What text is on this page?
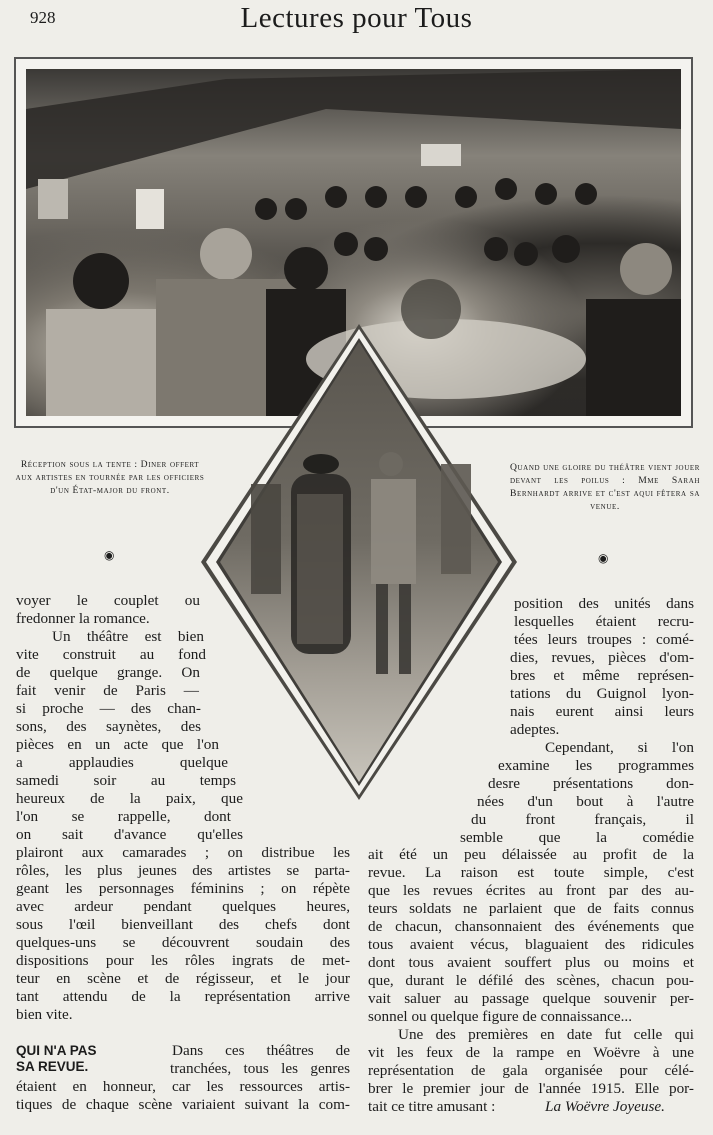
928	Lectures pour Tous
Réception sous la tente : Diner offert aux artistes en tournée par les officiers d'un État-major du front.
◉
Quand une gloire du théâtre vient jouer devant les poilus : Mme Sarah Bernhardt arrive et c'est aqui fêtera sa venue.
◉
voyer le couplet ou
fredonner la romance.
Un théâtre est bien
vite construit au fond
de quelque grange. On
fait venir de Paris —
si proche — des chan-
sons, des saynètes, des
pièces en un acte que l'on
a applaudies quelque
samedi soir au temps
heureux de la paix, que
l'on se rappelle, dont
on sait d'avance qu'elles
position des unités dans
lesquelles étaient recru-
tées leurs troupes : comé-
dies, revues, pièces d'om-
bres et même représen-
tations du Guignol lyon-
nais eurent ainsi leurs
adeptes.
Cependant, si l'on
examine les programmes
desre présentations don-
nées d'un bout à l'autre
du front français, il
semble que la comédie
plairont aux camarades ; on distribue les
rôles, les plus jeunes des artistes se parta-
geant les personnages féminins ; on répète
avec ardeur pendant quelques heures,
sous l'œil bienveillant des chefs dont
quelques-uns se découvrent soudain des
dispositions pour les rôles ingrats de met-
teur en scène et de régisseur, et le jour
tant attendu de la représentation arrive
bien vite.
QUI N'A PAS
SA REVUE.
Dans ces théâtres de
tranchées, tous les genres
étaient en honneur, car les ressources artis-
tiques de chaque scène variaient suivant la com-
ait été un peu délaissée au profit de la
revue. La raison est toute simple, c'est
que les revues écrites au front par des au-
teurs soldats ne parlaient que de faits connus
de chacun, chansonnaient des événements que
tous avaient vécus, blaguaient des ridicules
dont tous avaient souffert plus ou moins et
que, durant le défilé des scènes, chacun pou-
vait saluer au passage quelque souvenir per-
sonnel ou quelque figure de connaissance...
Une des premières en date fut celle qui
vit les feux de la rampe en Woëvre à une
représentation de gala organisée pour célé-
brer le premier jour de l'année 1915. Elle por-
tait ce titre amusant :	La Woëvre Joyeuse.
